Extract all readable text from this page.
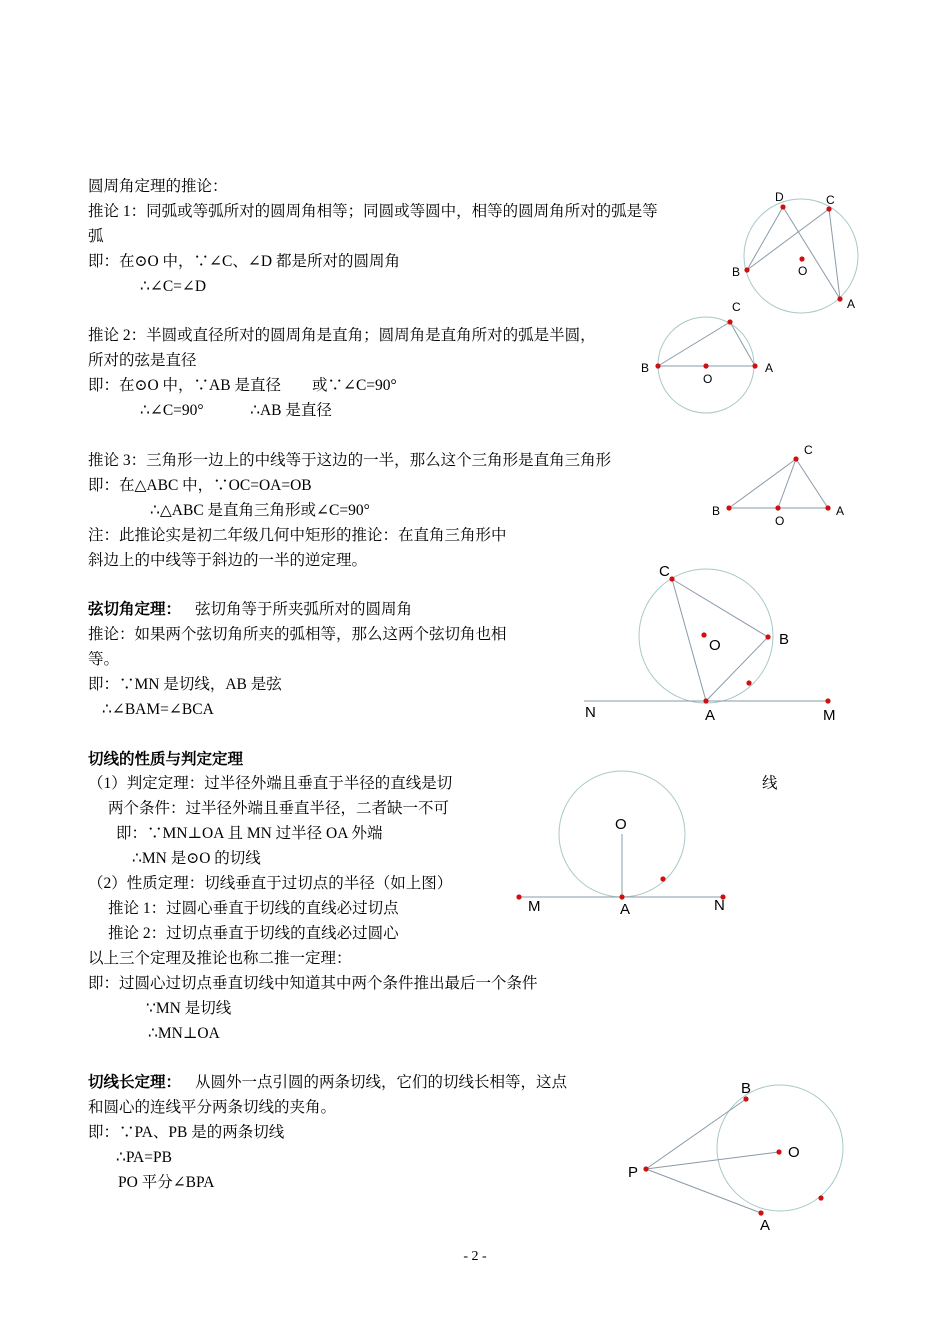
圆周角定理的推论：
推论 1：同弧或等弧所对的圆周角相等；同圆或等圆中，相等的圆周角所对的弧是等
弧
即：在⊙O 中，∵∠C、∠D 都是所对的圆周角
∴∠C=∠D
推论 2：半圆或直径所对的圆周角是直角；圆周角是直角所对的弧是半圆，
所对的弦是直径
即：在⊙O 中，∵AB 是直径　　或∵∠C=90°
∴∠C=90°　　　∴AB 是直径
推论 3：三角形一边上的中线等于这边的一半，那么这个三角形是直角三角形
即：在△ABC 中，∵OC=OA=OB
∴△ABC 是直角三角形或∠C=90°
注：此推论实是初二年级几何中矩形的推论：在直角三角形中
斜边上的中线等于斜边的一半的逆定理。
弦切角定理： 弦切角等于所夹弧所对的圆周角
推论：如果两个弦切角所夹的弧相等，那么这两个弦切角也相
等。
即：∵MN 是切线，AB 是弦
∴∠BAM=∠BCA
切线的性质与判定定理
（1）判定定理：过半径外端且垂直于半径的直线是切	线
两个条件：过半径外端且垂直半径，二者缺一不可
即：∵MN⊥OA 且 MN 过半径 OA 外端
∴MN 是⊙O 的切线
（2）性质定理：切线垂直于过切点的半径（如上图）
推论 1：过圆心垂直于切线的直线必过切点
推论 2：过切点垂直于切线的直线必过圆心
以上三个定理及推论也称二推一定理：
即：过圆心过切点垂直切线中知道其中两个条件推出最后一个条件
∵MN 是切线
∴MN⊥OA
切线长定理： 从圆外一点引圆的两条切线，它们的切线长相等，这点
和圆心的连线平分两条切线的夹角。
即：∵PA、PB 是的两条切线
∴PA=PB
PO 平分∠BPA
- 2 -
D	C
B	O
A
C
B
O
A
C
B
O
A
C
O	B
N	A	M
O
M	A	N
B
O
P
A
